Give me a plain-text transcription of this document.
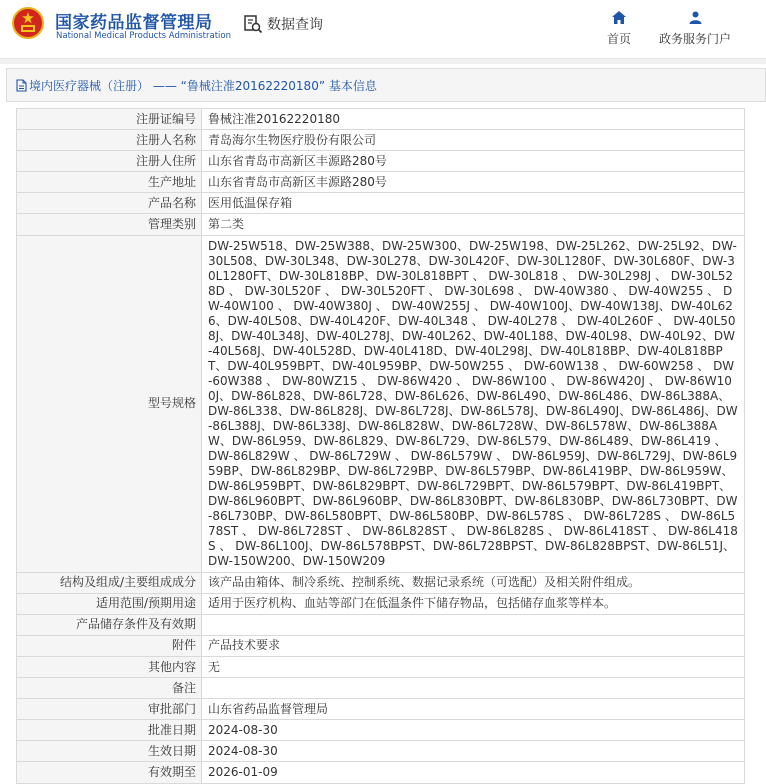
国家药品监督管理局
National Medical Products Administration
数据查询
首页	政务服务门户
境内医疗器械（注册） —— “鲁械注准20162220180” 基本信息
注册证编号	鲁械注准20162220180
注册人名称	青岛海尔生物医疗股份有限公司
注册人住所	山东省青岛市高新区丰源路280号
生产地址	山东省青岛市高新区丰源路280号
产品名称	医用低温保存箱
管理类别	第二类
型号规格	DW-25W518、DW-25W388、DW-25W300、DW-25W198、DW-25L262、DW-25L92、DW-30L508、DW-30L348、DW-30L278、DW-30L420F、DW-30L1280F、DW-30L680F、DW-30L1280FT、DW-30L818BP、DW-30L818BPT 、 DW-30L818 、 DW-30L298J 、 DW-30L528D 、 DW-30L520F 、 DW-30L520FT 、 DW-30L698 、 DW-40W380 、 DW-40W255 、 DW-40W100 、 DW-40W380J 、 DW-40W255J 、 DW-40W100J、DW-40W138J、DW-40L626、DW-40L508、DW-40L420F、DW-40L348 、 DW-40L278 、 DW-40L260F 、 DW-40L508J、DW-40L348J、DW-40L278J、DW-40L262、DW-40L188、DW-40L98、DW-40L92、DW-40L568J、DW-40L528D、DW-40L418D、DW-40L298J、DW-40L818BP、DW-40L818BPT、DW-40L959BPT、DW-40L959BP、DW-50W255 、 DW-60W138 、 DW-60W258 、 DW-60W388 、 DW-80WZ15 、 DW-86W420 、 DW-86W100 、 DW-86W420J 、 DW-86W100J、DW-86L828、DW-86L728、DW-86L626、DW-86L490、DW-86L486、DW-86L388A、DW-86L338、DW-86L828J、DW-86L728J、DW-86L578J、DW-86L490J、DW-86L486J、DW-86L388J、DW-86L338J、DW-86L828W、DW-86L728W、DW-86L578W、DW-86L388AW、DW-86L959、DW-86L829、DW-86L729、DW-86L579、DW-86L489、DW-86L419 、 DW-86L829W 、 DW-86L729W 、 DW-86L579W 、 DW-86L959J、DW-86L729J、DW-86L959BP、DW-86L829BP、DW-86L729BP、DW-86L579BP、DW-86L419BP、DW-86L959W、DW-86L959BPT、DW-86L829BPT、DW-86L729BPT、DW-86L579BPT、DW-86L419BPT、DW-86L960BPT、DW-86L960BP、DW-86L830BPT、DW-86L830BP、DW-86L730BPT、DW-86L730BP、DW-86L580BPT、DW-86L580BP、DW-86L578S 、 DW-86L728S 、 DW-86L578ST 、 DW-86L728ST 、 DW-86L828ST 、 DW-86L828S 、 DW-86L418ST 、 DW-86L418S 、 DW-86L100J、DW-86L578BPST、DW-86L728BPST、DW-86L828BPST、DW-86L51J、DW-150W200、DW-150W209
结构及组成/主要组成成分	该产品由箱体、制冷系统、控制系统、数据记录系统（可选配）及相关附件组成。
适用范围/预期用途	适用于医疗机构、血站等部门在低温条件下储存物品，包括储存血浆等样本。
产品储存条件及有效期	
附件	产品技术要求
其他内容	无
备注	
审批部门	山东省药品监督管理局
批准日期	2024-08-30
生效日期	2024-08-30
有效期至	2026-01-09
